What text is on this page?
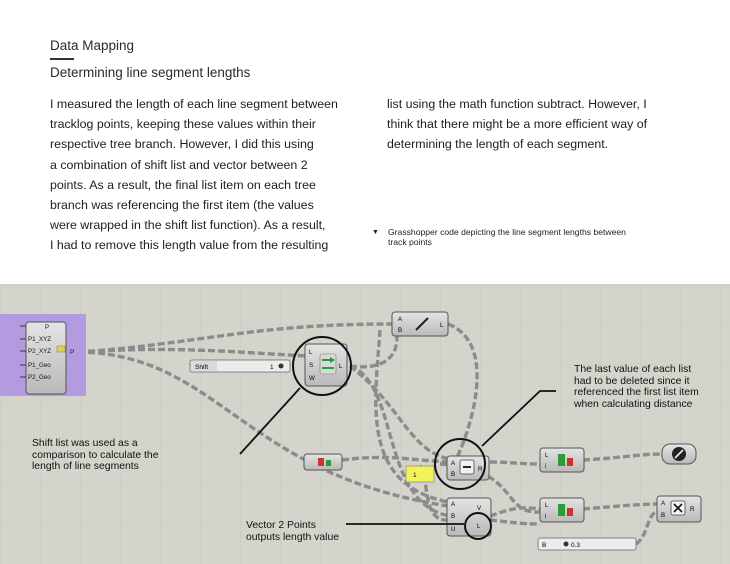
Data Mapping
Determining line segment lengths
I measured the length of each line segment between
tracklog points, keeping these values within their
respective tree branch. However, I did this using
a combination of shift list and vector between 2
points. As a result, the final list item on each tree
branch was referencing the first item (the values
were wrapped in the shift list function). As a result,
I had to remove this length value from the resulting
list using the math function subtract. However, I
think that there might be a more efficient way of
determining the length of each segment.
▼ Grasshopper code depicting the line segment lengths between
track points
P
P1_XYZ
P2_XYZ
P1_Geo
P2_Geo
P	L
S
W
L
Shift	1
A
B
L
1
A
B
R
L
i
L
i
A
B
U
V
L
A
B
R
B	0.3
The last value of each list
had to be deleted since it
referenced the first list item
when calculating distance
Shift list was used as a
comparison to calculate the
length of line segments
Vector 2 Points
outputs length value
